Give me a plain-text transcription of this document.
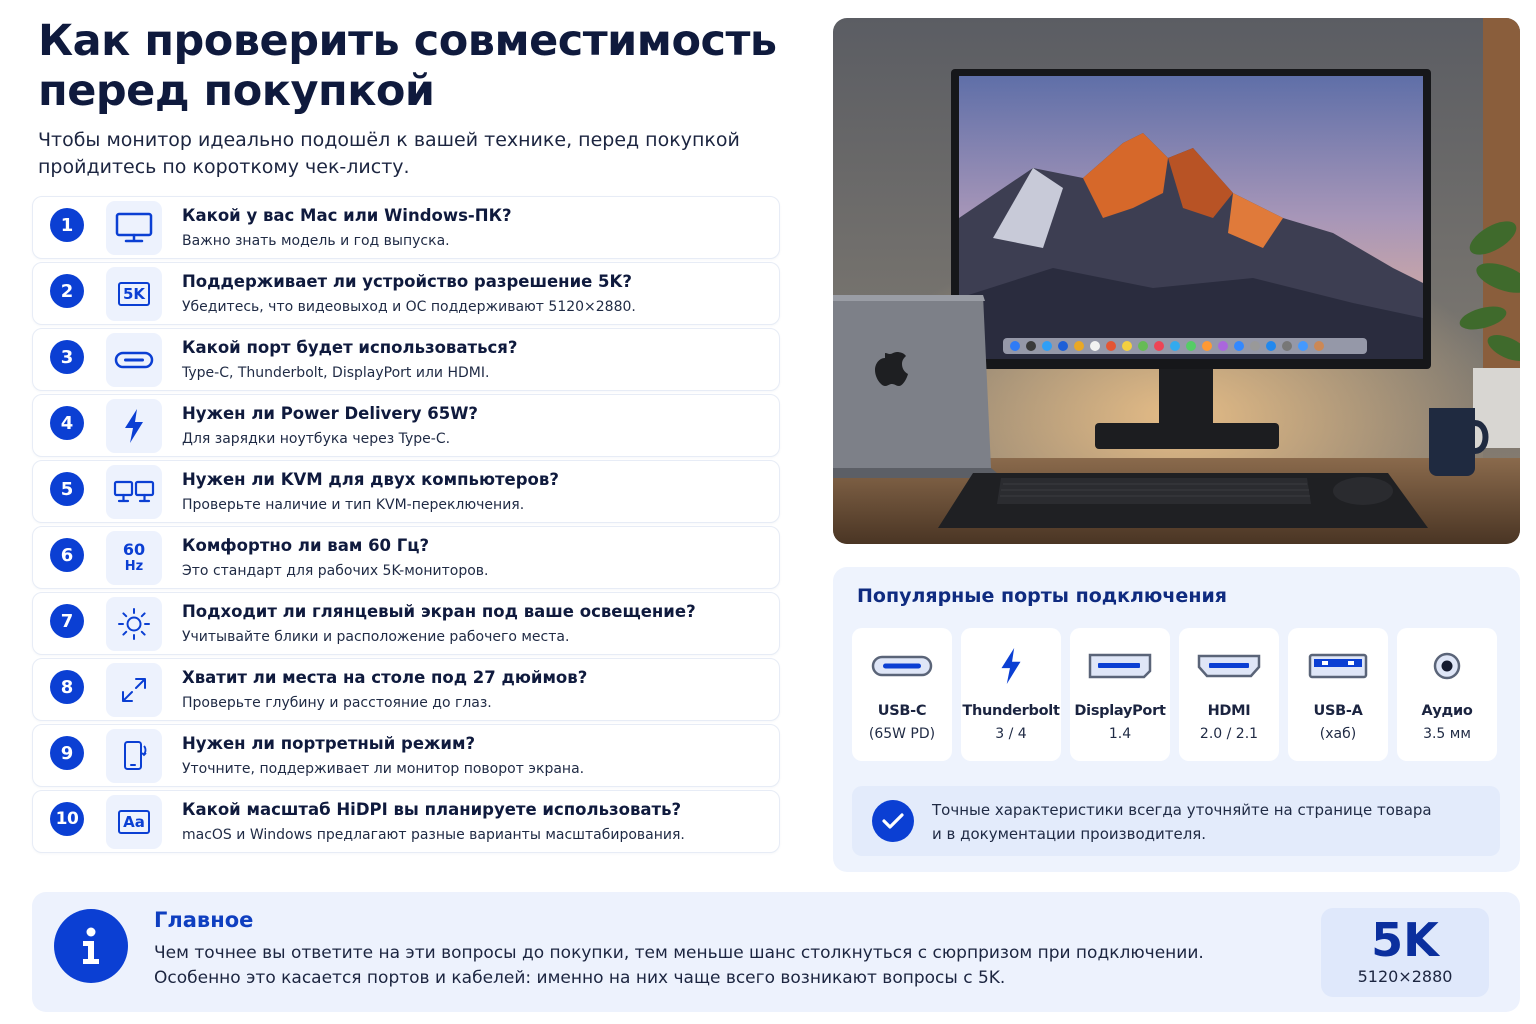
Как проверить совместимость
перед покупкой
Чтобы монитор идеально подошёл к вашей технике, перед покупкой
пройдитесь по короткому чек-листу.
1	Какой у вас Mac или Windows-ПК?
Важно знать модель и год выпуска.
2	5K
Поддерживает ли устройство разрешение 5K?
Убедитесь, что видеовыход и ОС поддерживают 5120×2880.
3	Какой порт будет использоваться?
Type-C, Thunderbolt, DisplayPort или HDMI.
4	Нужен ли Power Delivery 65W?
Для зарядки ноутбука через Type-C.
5	Нужен ли KVM для двух компьютеров?
Проверьте наличие и тип KVM-переключения.
6	60
Hz
Комфортно ли вам 60 Гц?
Это стандарт для рабочих 5K-мониторов.
7	Подходит ли глянцевый экран под ваше освещение?
Учитывайте блики и расположение рабочего места.
8	Хватит ли места на столе под 27 дюймов?
Проверьте глубину и расстояние до глаз.
9	Нужен ли портретный режим?
Уточните, поддерживает ли монитор поворот экрана.
10	Aa
Какой масштаб HiDPI вы планируете использовать?
macOS и Windows предлагают разные варианты масштабирования.
Популярные порты подключения
USB-C
(65W PD)
Thunderbolt
3 / 4
DisplayPort
1.4
HDMI
2.0 / 2.1
USB-A
(хаб)
Аудио
3.5 мм
Точные характеристики всегда уточняйте на странице товара
и в документации производителя.
Главное
Чем точнее вы ответите на эти вопросы до покупки, тем меньше шанс столкнуться с сюрпризом при подключении.
Особенно это касается портов и кабелей: именно на них чаще всего возникают вопросы с 5K.
5K
5120×2880
